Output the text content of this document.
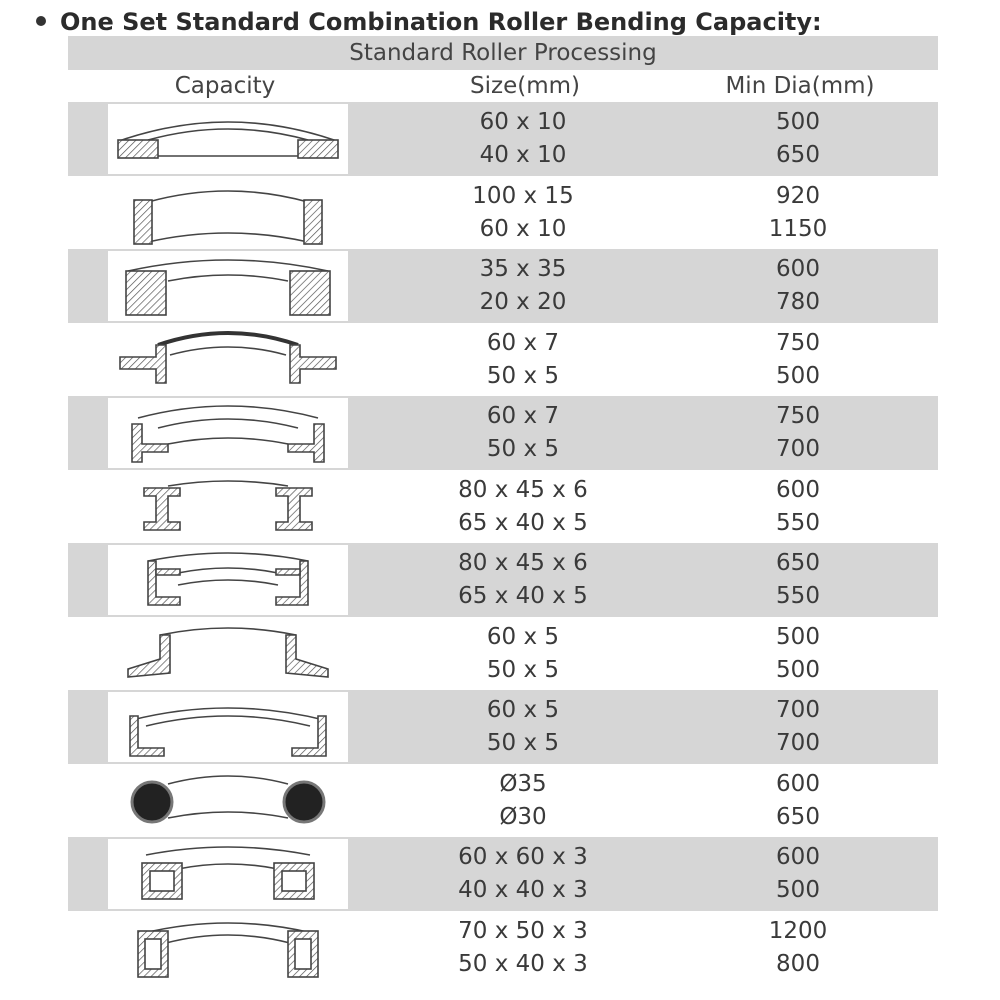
One Set Standard Combination Roller Bending Capacity:
Standard Roller Processing
Capacity	Size(mm)	Min Dia(mm)
60 x 10
40 x 10
500
650
100 x 15
60 x 10
920
1150
35 x 35
20 x 20
600
780
60 x 7
50 x 5
750
500
60 x 7
50 x 5
750
700
80 x 45 x 6
65 x 40 x 5
600
550
80 x 45 x 6
65 x 40 x 5
650
550
60 x 5
50 x 5
500
500
60 x 5
50 x 5
700
700
Ø35
Ø30
600
650
60 x 60 x 3
40 x 40 x 3
600
500
70 x 50 x 3
50 x 40 x 3
1200
800
